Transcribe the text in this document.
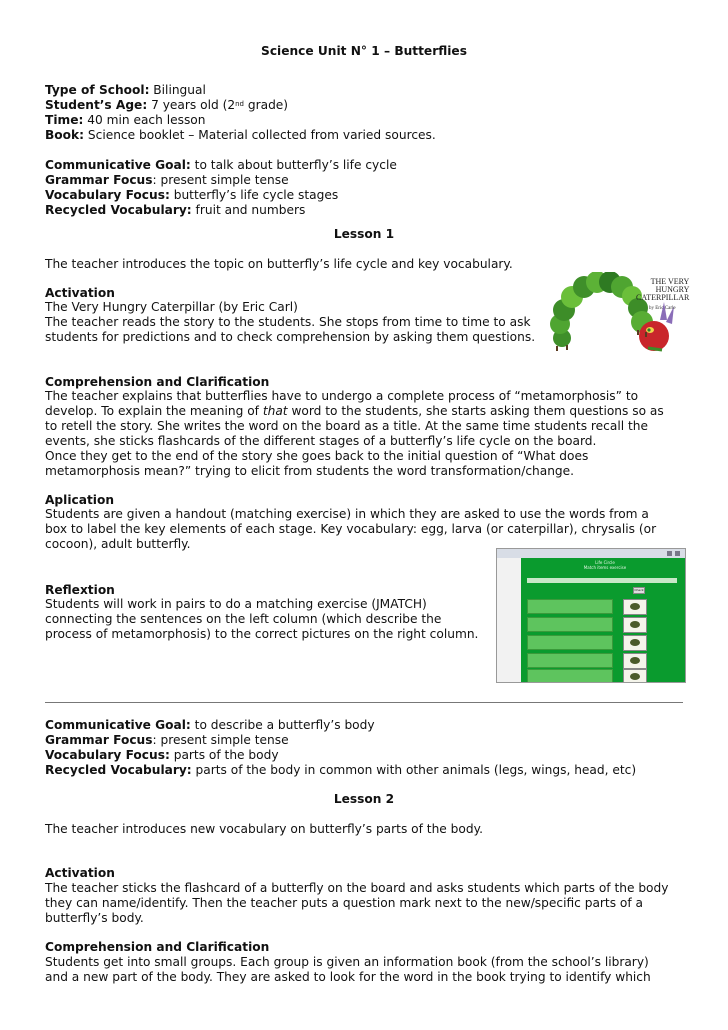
Science Unit N° 1 – Butterflies
Type of School: Bilingual
Student’s Age: 7 years old (2nd grade)
Time: 40 min each lesson
Book: Science booklet – Material collected from varied sources.
Communicative Goal: to talk about butterfly’s life cycle
Grammar Focus: present simple tense
Vocabulary Focus: butterfly’s life cycle stages
Recycled Vocabulary: fruit and numbers
Lesson 1
The teacher introduces the topic on butterfly’s life cycle and key vocabulary.
Activation
The Very Hungry Caterpillar (by Eric Carl)
The teacher reads the story to the students. She stops from time to time to ask
students for predictions and to check comprehension by asking them questions.
THE VERY
HUNGRY
CATERPILLAR
by Eric Carle
Comprehension and Clarification
The teacher explains that butterflies have to undergo a complete process of “metamorphosis” to
develop. To explain the meaning of that word to the students, she starts asking them questions so as
to retell the story. She writes the word on the board as a title. At the same time students recall the
events, she sticks flashcards of the different stages of a butterfly’s life cycle on the board.
Once they get to the end of the story she goes back to the initial question of “What does
metamorphosis mean?” trying to elicit from students the word transformation/change.
Aplication
Students are given a handout (matching exercise) in which they are asked to use the words from a
box to label the key elements of each stage. Key vocabulary: egg, larva (or caterpillar), chrysalis (or
cocoon), adult butterfly.
Life Circle
Match items exercise
Check
Reflextion
Students will work in pairs to do a matching exercise (JMATCH)
connecting the sentences on the left column (which describe the
process of metamorphosis) to the correct pictures on the right column.
Communicative Goal: to describe a butterfly’s body
Grammar Focus: present simple tense
Vocabulary Focus: parts of the body
Recycled Vocabulary: parts of the body in common with other animals (legs, wings, head, etc)
Lesson 2
The teacher introduces new vocabulary on butterfly’s parts of the body.
Activation
The teacher sticks the flashcard of a butterfly on the board and asks students which parts of the body
they can name/identify. Then the teacher puts a question mark next to the new/specific parts of a
butterfly’s body.
Comprehension and Clarification
Students get into small groups. Each group is given an information book (from the school’s library)
and a new part of the body. They are asked to look for the word in the book trying to identify which
